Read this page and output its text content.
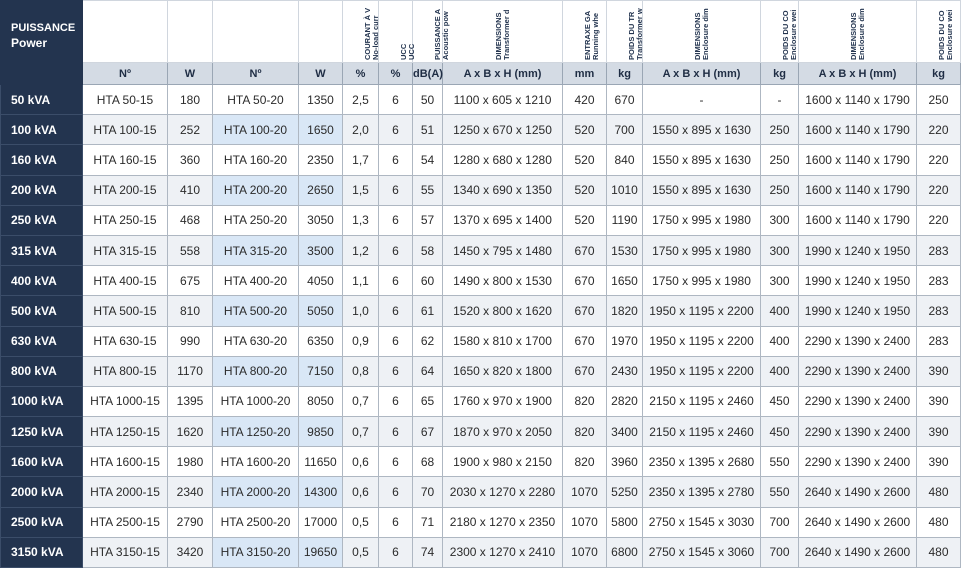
PUISSANCE
Power	15kV	PERTES EN CH Load losses	20kV	PERTES EN CH Load losses	COURANT À V No-load curr	UCC UCC	PUISSANCE A Acoustic pow	DIMENSIONS Transformer d	ENTRAXE GA Running whe	POIDS DU TR Transformer w	DIMENSIONS Enclosure dim	POIDS DU CO Enclosure wei	DIMENSIONS Enclosure dim	POIDS DU CO Enclosure wei

	Nº	W	Nº	W	%	%	dB(A)	A x B x H (mm)	mm	kg	A x B x H (mm)	kg	A x B x H (mm)	kg
50 kVA	HTA 50-15	180	HTA 50-20	1350	2,5	6	50	1100 x 605 x 1210	420	670	-	-	1600 x 1140 x 1790	250
100 kVA	HTA 100-15	252	HTA 100-20	1650	2,0	6	51	1250 x 670 x 1250	520	700	1550 x 895 x 1630	250	1600 x 1140 x 1790	220
160 kVA	HTA 160-15	360	HTA 160-20	2350	1,7	6	54	1280 x 680 x 1280	520	840	1550 x 895 x 1630	250	1600 x 1140 x 1790	220
200 kVA	HTA 200-15	410	HTA 200-20	2650	1,5	6	55	1340 x 690 x 1350	520	1010	1550 x 895 x 1630	250	1600 x 1140 x 1790	220
250 kVA	HTA 250-15	468	HTA 250-20	3050	1,3	6	57	1370 x 695 x 1400	520	1190	1750 x 995 x 1980	300	1600 x 1140 x 1790	220
315 kVA	HTA 315-15	558	HTA 315-20	3500	1,2	6	58	1450 x 795 x 1480	670	1530	1750 x 995 x 1980	300	1990 x 1240 x 1950	283
400 kVA	HTA 400-15	675	HTA 400-20	4050	1,1	6	60	1490 x 800 x 1530	670	1650	1750 x 995 x 1980	300	1990 x 1240 x 1950	283
500 kVA	HTA 500-15	810	HTA 500-20	5050	1,0	6	61	1520 x 800 x 1620	670	1820	1950 x 1195 x 2200	400	1990 x 1240 x 1950	283
630 kVA	HTA 630-15	990	HTA 630-20	6350	0,9	6	62	1580 x 810 x 1700	670	1970	1950 x 1195 x 2200	400	2290 x 1390 x 2400	283
800 kVA	HTA 800-15	1170	HTA 800-20	7150	0,8	6	64	1650 x 820 x 1800	670	2430	1950 x 1195 x 2200	400	2290 x 1390 x 2400	390
1000 kVA	HTA 1000-15	1395	HTA 1000-20	8050	0,7	6	65	1760 x 970 x 1900	820	2820	2150 x 1195 x 2460	450	2290 x 1390 x 2400	390
1250 kVA	HTA 1250-15	1620	HTA 1250-20	9850	0,7	6	67	1870 x 970 x 2050	820	3400	2150 x 1195 x 2460	450	2290 x 1390 x 2400	390
1600 kVA	HTA 1600-15	1980	HTA 1600-20	11650	0,6	6	68	1900 x 980 x 2150	820	3960	2350 x 1395 x 2680	550	2290 x 1390 x 2400	390
2000 kVA	HTA 2000-15	2340	HTA 2000-20	14300	0,6	6	70	2030 x 1270 x 2280	1070	5250	2350 x 1395 x 2780	550	2640 x 1490 x 2600	480
2500 kVA	HTA 2500-15	2790	HTA 2500-20	17000	0,5	6	71	2180 x 1270 x 2350	1070	5800	2750 x 1545 x 3030	700	2640 x 1490 x 2600	480
3150 kVA	HTA 3150-15	3420	HTA 3150-20	19650	0,5	6	74	2300 x 1270 x 2410	1070	6800	2750 x 1545 x 3060	700	2640 x 1490 x 2600	480
